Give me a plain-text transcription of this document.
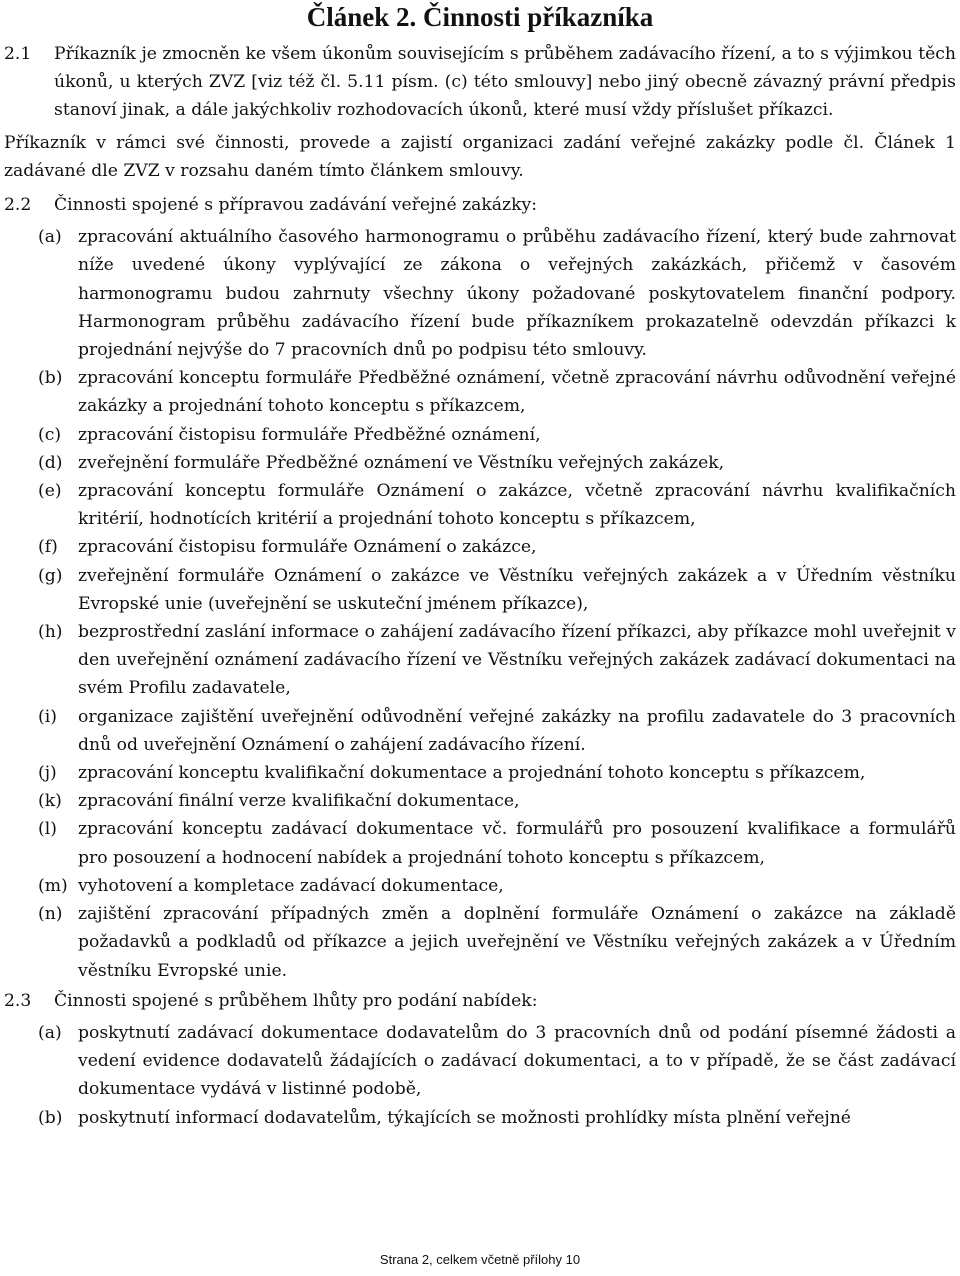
Článek 2. Činnosti příkazníka
2.1	Příkazník je zmocněn ke všem úkonům souvisejícím s průběhem zadávacího řízení, a to s výjimkou těch úkonů, u kterých ZVZ [viz též čl. 5.11 písm. (c) této smlouvy] nebo jiný obecně závazný právní předpis stanoví jinak, a dále jakýchkoliv rozhodovacích úkonů, které musí vždy příslušet příkazci.

Příkazník v rámci své činnosti, provede a zajistí organizaci zadání veřejné zakázky podle čl. Článek 1 zadávané dle ZVZ v rozsahu daném tímto článkem smlouvy.

2.2	Činnosti spojené s přípravou zadávání veřejné zakázky:
(a) zpracování aktuálního časového harmonogramu o průběhu zadávacího řízení, který bude zahrnovat níže uvedené úkony vyplývající ze zákona o veřejných zakázkách, přičemž v časovém harmonogramu budou zahrnuty všechny úkony požadované poskytovatelem finanční podpory. Harmonogram průběhu zadávacího řízení bude příkazníkem prokazatelně odevzdán příkazci k projednání nejvýše do 7 pracovních dnů po podpisu této smlouvy.
(b) zpracování konceptu formuláře Předběžné oznámení, včetně zpracování návrhu odůvodnění veřejné zakázky a projednání tohoto konceptu s příkazcem,
(c) zpracování čistopisu formuláře Předběžné oznámení,
(d) zveřejnění formuláře Předběžné oznámení ve Věstníku veřejných zakázek,
(e) zpracování konceptu formuláře Oznámení o zakázce, včetně zpracování návrhu kvalifikačních kritérií, hodnotících kritérií a projednání tohoto konceptu s příkazcem,
(f)	zpracování čistopisu formuláře Oznámení o zakázce,
(g) zveřejnění formuláře Oznámení o zakázce ve Věstníku veřejných zakázek a v Úředním věstníku Evropské unie (uveřejnění se uskuteční jménem příkazce),
(h) bezprostřední zaslání informace o zahájení zadávacího řízení příkazci, aby příkazce mohl uveřejnit v den uveřejnění oznámení zadávacího řízení ve Věstníku veřejných zakázek zadávací dokumentaci na svém Profilu zadavatele,
(i)	organizace zajištění uveřejnění odůvodnění veřejné zakázky na profilu zadavatele do 3 pracovních dnů od uveřejnění Oznámení o zahájení zadávacího řízení.
(j)	zpracování konceptu kvalifikační dokumentace a projednání tohoto konceptu s příkazcem,
(k) zpracování finální verze kvalifikační dokumentace,
(l)	zpracování konceptu zadávací dokumentace vč. formulářů pro posouzení kvalifikace a formulářů pro posouzení a hodnocení nabídek a projednání tohoto konceptu s příkazcem,
(m) vyhotovení a kompletace zadávací dokumentace,
(n) zajištění zpracování případných změn a doplnění formuláře Oznámení o zakázce na základě požadavků a podkladů od příkazce a jejich uveřejnění ve Věstníku veřejných zakázek a v Úředním věstníku Evropské unie.
2.3	Činnosti spojené s průběhem lhůty pro podání nabídek:
(a) poskytnutí zadávací dokumentace dodavatelům do 3 pracovních dnů od podání písemné žádosti a vedení evidence dodavatelů žádajících o zadávací dokumentaci, a to v případě, že se část zadávací dokumentace vydává v listinné podobě,
(b) poskytnutí informací dodavatelům, týkajících se možnosti prohlídky místa plnění veřejné
Strana 2, celkem včetně přílohy 10
